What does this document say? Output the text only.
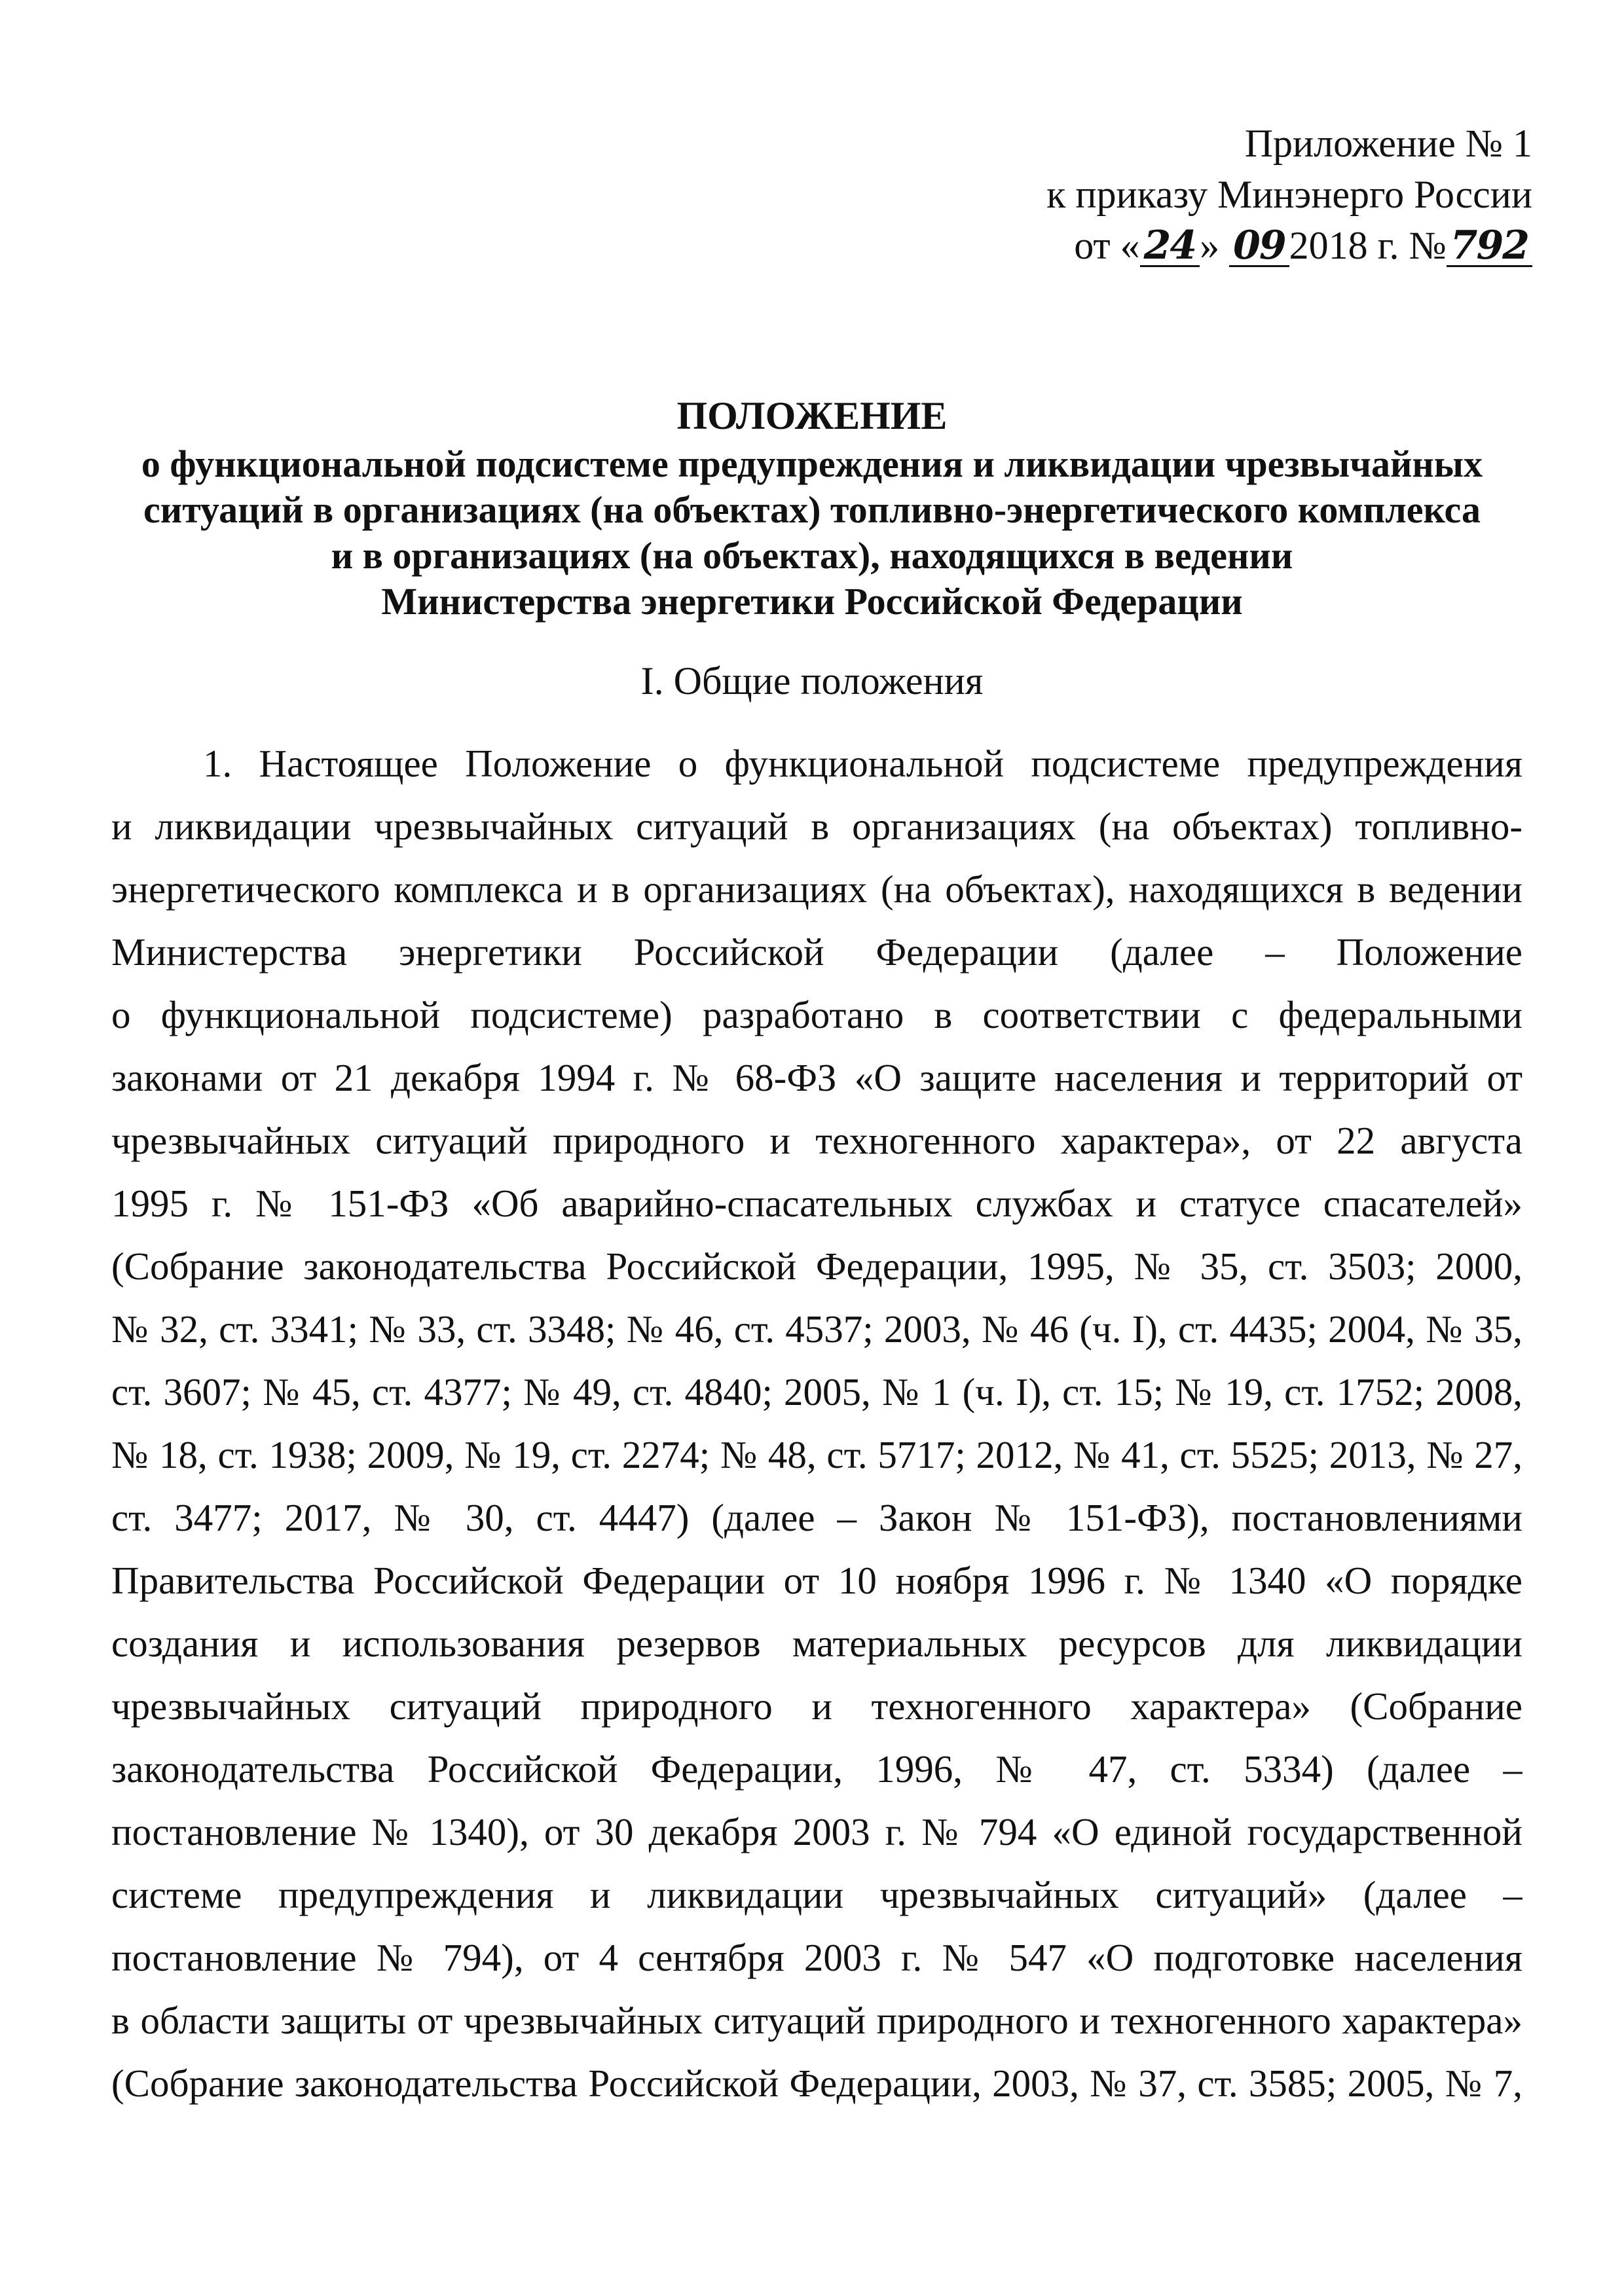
Приложение № 1
к приказу Минэнерго России
от « 24 » 09 2018 г. № 792
ПОЛОЖЕНИЕ
о функциональной подсистеме предупреждения и ликвидации чрезвычайных
ситуаций в организациях (на объектах) топливно-энергетического комплекса
и в организациях (на объектах), находящихся в ведении
Министерства энергетики Российской Федерации
I. Общие положения
1. Настоящее Положение о функциональной подсистеме предупреждения
и ликвидации чрезвычайных ситуаций в организациях (на объектах) топливно-
энергетического комплекса и в организациях (на объектах), находящихся в ведении
Министерства энергетики Российской Федерации (далее – Положение
о функциональной подсистеме) разработано в соответствии с федеральными
законами от 21 декабря 1994 г. № 68-ФЗ «О защите населения и территорий от
чрезвычайных ситуаций природного и техногенного характера», от 22 августа
1995 г. № 151-ФЗ «Об аварийно-спасательных службах и статусе спасателей»
(Собрание законодательства Российской Федерации, 1995, № 35, ст. 3503; 2000,
№ 32, ст. 3341; № 33, ст. 3348; № 46, ст. 4537; 2003, № 46 (ч. I), ст. 4435; 2004, № 35,
ст. 3607; № 45, ст. 4377; № 49, ст. 4840; 2005, № 1 (ч. I), ст. 15; № 19, ст. 1752; 2008,
№ 18, ст. 1938; 2009, № 19, ст. 2274; № 48, ст. 5717; 2012, № 41, ст. 5525; 2013, № 27,
ст. 3477; 2017, № 30, ст. 4447) (далее – Закон № 151-ФЗ), постановлениями
Правительства Российской Федерации от 10 ноября 1996 г. № 1340 «О порядке
создания и использования резервов материальных ресурсов для ликвидации
чрезвычайных ситуаций природного и техногенного характера» (Собрание
законодательства Российской Федерации, 1996, № 47, ст. 5334) (далее –
постановление № 1340), от 30 декабря 2003 г. № 794 «О единой государственной
системе предупреждения и ликвидации чрезвычайных ситуаций» (далее –
постановление № 794), от 4 сентября 2003 г. № 547 «О подготовке населения
в области защиты от чрезвычайных ситуаций природного и техногенного характера»
(Собрание законодательства Российской Федерации, 2003, № 37, ст. 3585; 2005, № 7,
